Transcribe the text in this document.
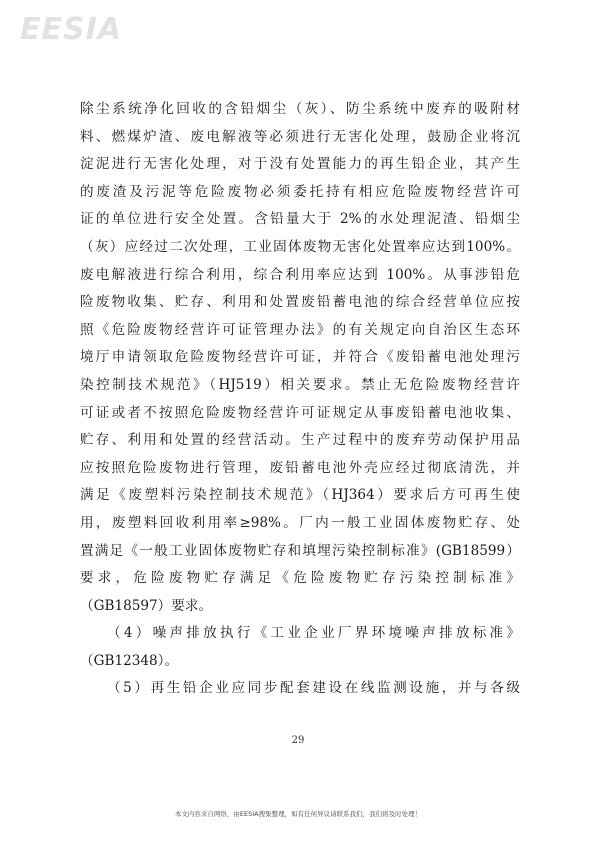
EESIA

除尘系统净化回收的含铅烟尘（灰）、防尘系统中废弃的吸附材

料、燃煤炉渣、废电解液等必须进行无害化处理，鼓励企业将沉

淀泥进行无害化处理，对于没有处置能力的再生铅企业，其产生

的废渣及污泥等危险废物必须委托持有相应危险废物经营许可

证的单位进行安全处置。含铅量大于 2%的水处理泥渣、铅烟尘

（灰）应经过二次处理，工业固体废物无害化处置率应达到100%。

废电解液进行综合利用，综合利用率应达到 100%。从事涉铅危

险废物收集、贮存、利用和处置废铅蓄电池的综合经营单位应按

照《危险废物经营许可证管理办法》的有关规定向自治区生态环

境厅申请领取危险废物经营许可证，并符合《废铅蓄电池处理污

染控制技术规范》（HJ519）相关要求。禁止无危险废物经营许

可证或者不按照危险废物经营许可证规定从事废铅蓄电池收集、

贮存、利用和处置的经营活动。生产过程中的废弃劳动保护用品

应按照危险废物进行管理，废铅蓄电池外壳应经过彻底清洗，并

满足《废塑料污染控制技术规范》（HJ364）要求后方可再生使

用，废塑料回收利用率≥98%。厂内一般工业固体废物贮存、处

置满足《一般工业固体废物贮存和填埋污染控制标准》(GB18599）

要求，危险废物贮存满足《危险废物贮存污染控制标准》

（GB18597）要求。

（4）噪声排放执行《工业企业厂界环境噪声排放标准》

（GB12348）。

（5）再生铅企业应同步配套建设在线监测设施，并与各级

29
本文内容来自网络，由EESIA搜集整理，如有任何异议请联系我们，我们将及时处理！
